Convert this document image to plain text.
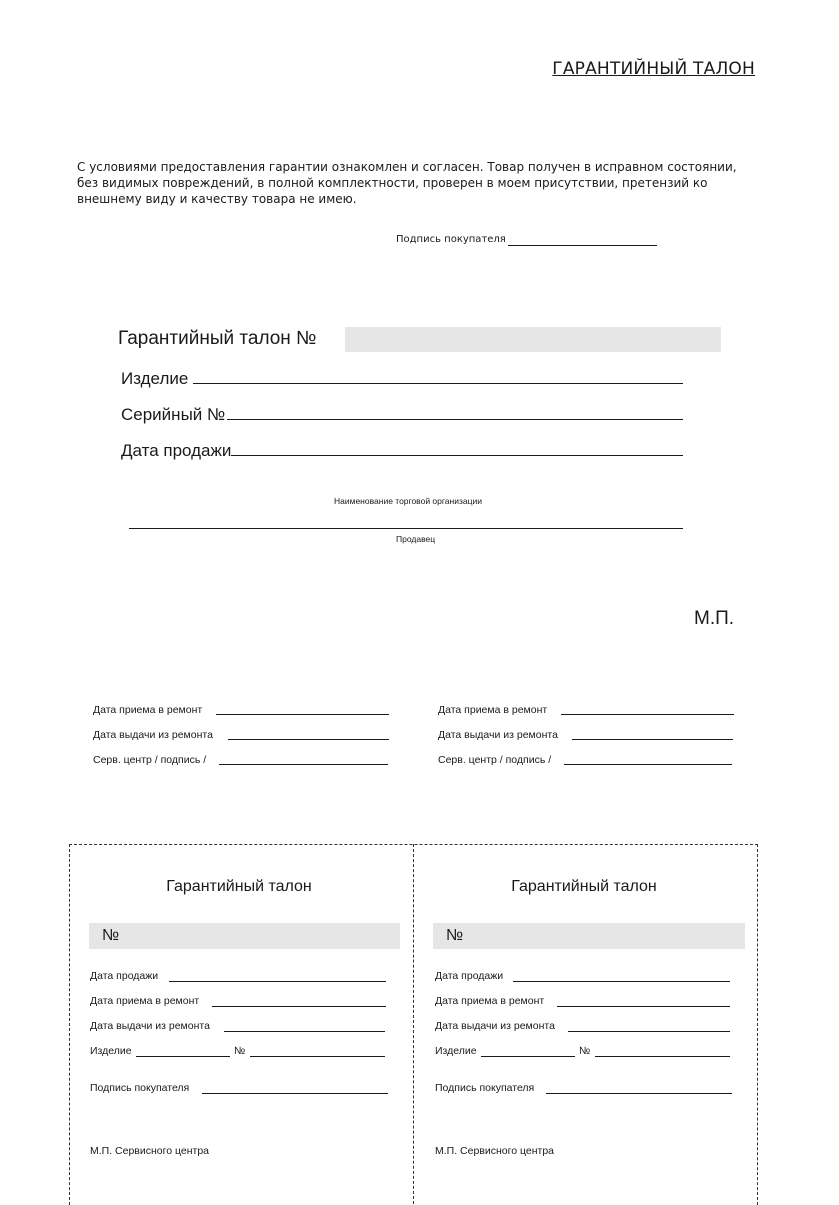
ГАРАНТИЙНЫЙ ТАЛОН
С условиями предоставления гарантии ознакомлен и согласен. Товар получен в исправном состоянии, без видимых повреждений, в полной комплектности, проверен в моем присутствии, претензий ко внешнему виду и качеству товара не имею.
Подпись покупателя
Гарантийный талон №
Изделие
Серийный №
Дата продажи
Наименование торговой организации
Продавец
М.П.
Дата приема в ремонт
Дата выдачи из ремонта
Серв. центр / подпись /
Дата приема в ремонт
Дата выдачи из ремонта
Серв. центр / подпись /
Гарантийный талон
№
Дата продажи
Дата приема в ремонт
Дата выдачи из ремонта
Изделие	№
Подпись покупателя
М.П. Сервисного центра
Гарантийный талон
№
Дата продажи
Дата приема в ремонт
Дата выдачи из ремонта
Изделие	№
Подпись покупателя
М.П. Сервисного центра
